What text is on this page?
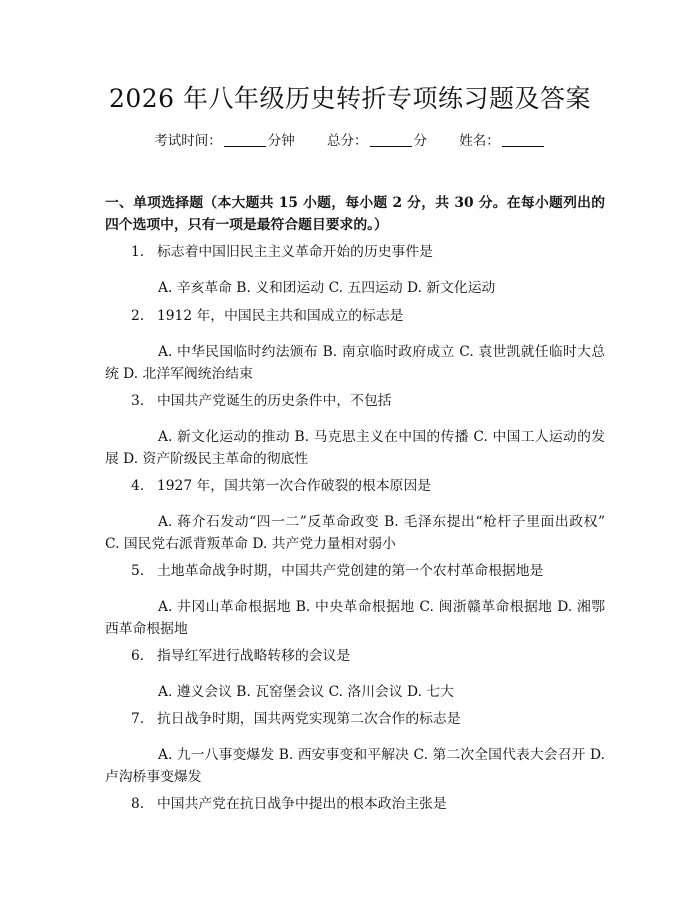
2026 年八年级历史转折专项练习题及答案
考试时间：	分钟 总分：	分 姓名：
一、单项选择题（本大题共 15 小题，每小题 2 分，共 30 分。在每小题列出的四个选项中，只有一项是最符合题目要求的。）
1. 标志着中国旧民主主义革命开始的历史事件是
A. 辛亥革命 B. 义和团运动 C. 五四运动 D. 新文化运动
2. 1912 年，中国民主共和国成立的标志是
A. 中华民国临时约法颁布 B. 南京临时政府成立 C. 袁世凯就任临时大总统 D. 北洋军阀统治结束
3. 中国共产党诞生的历史条件中，不包括
A. 新文化运动的推动 B. 马克思主义在中国的传播 C. 中国工人运动的发展 D. 资产阶级民主革命的彻底性
4. 1927 年，国共第一次合作破裂的根本原因是
A. 蒋介石发动“四一二”反革命政变 B. 毛泽东提出“枪杆子里面出政权” C. 国民党右派背叛革命 D. 共产党力量相对弱小
5. 土地革命战争时期，中国共产党创建的第一个农村革命根据地是
A. 井冈山革命根据地 B. 中央革命根据地 C. 闽浙赣革命根据地 D. 湘鄂西革命根据地
6. 指导红军进行战略转移的会议是
A. 遵义会议 B. 瓦窑堡会议 C. 洛川会议 D. 七大
7. 抗日战争时期，国共两党实现第二次合作的标志是
A. 九一八事变爆发 B. 西安事变和平解决 C. 第二次全国代表大会召开 D. 卢沟桥事变爆发
8. 中国共产党在抗日战争中提出的根本政治主张是
